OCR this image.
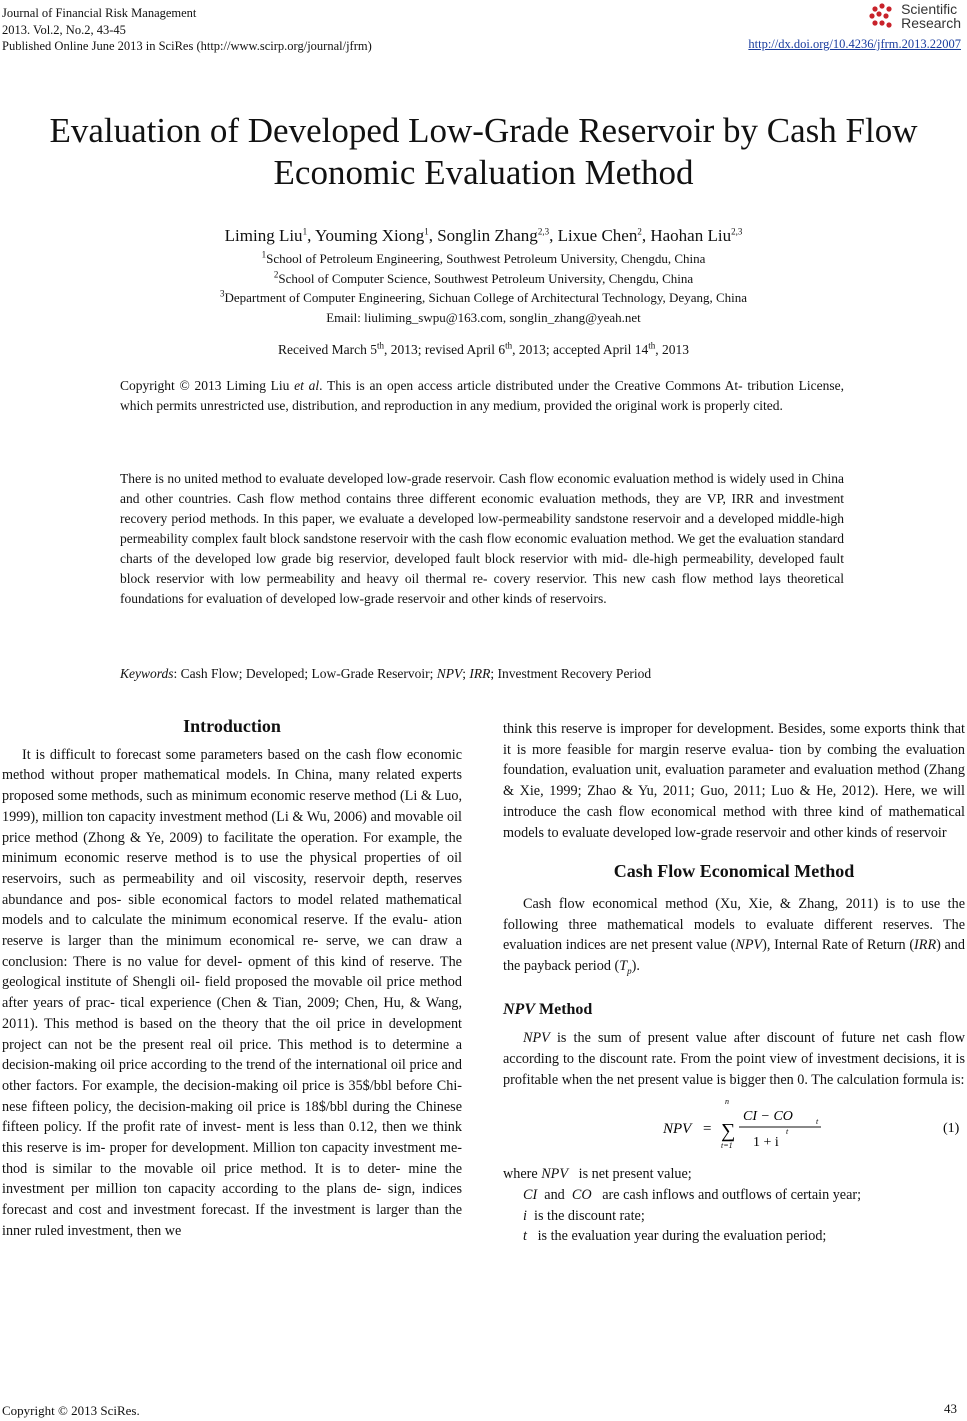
Journal of Financial Risk Management
2013. Vol.2, No.2, 43-45
Published Online June 2013 in SciRes (http://www.scirp.org/journal/jfrm)
Scientific
Research
http://dx.doi.org/10.4236/jfrm.2013.22007
Evaluation of Developed Low-Grade Reservoir by Cash Flow
Economic Evaluation Method
Liming Liu$^1$, Youming Xiong$^1$, Songlin Zhang$^{2,3}$, Lixue Chen$^2$, Haohan Liu$^{2,3}$
$^1$School of Petroleum Engineering, Southwest Petroleum University, Chengdu, China
$^2$School of Computer Science, Southwest Petroleum University, Chengdu, China
$^3$Department of Computer Engineering, Sichuan College of Architectural Technology, Deyang, China
Email: liuliming_swpu@163.com, songlin_zhang@yeah.net
Received March 5th, 2013; revised April 6th, 2013; accepted April 14th, 2013
Copyright © 2013 Liming Liu et al. This is an open access article distributed under the Creative Commons At- tribution License, which permits unrestricted use, distribution, and reproduction in any medium, provided the original work is properly cited.
There is no united method to evaluate developed low-grade reservoir. Cash flow economic evaluation method is widely used in China and other countries. Cash flow method contains three different economic evaluation methods, they are VP, IRR and investment recovery period methods. In this paper, we evaluate a developed low-permeability sandstone reservoir and a developed middle-high permeability complex fault block sandstone reservoir with the cash flow economic evaluation method. We get the evaluation standard charts of the developed low grade big reservior, developed fault block reservior with mid- dle-high permeability, developed fault block reservior with low permeability and heavy oil thermal re- covery reservior. This new cash flow method lays theoretical foundations for evaluation of developed low-grade reservoir and other kinds of reservoirs.
Keywords: Cash Flow; Developed; Low-Grade Reservoir; NPV; IRR; Investment Recovery Period
Introduction

It is difficult to forecast some parameters based on the cash flow economic method without proper mathematical models. In China, many related experts proposed some methods, such as minimum economic reserve method (Li & Luo, 1999), million ton capacity investment method (Li & Wu, 2006) and movable oil price method (Zhong & Ye, 2009) to facilitate the operation. For example, the minimum economic reserve method is to use the physical properties of oil reservoirs, such as permeability and oil viscosity, reservoir depth, reserves abundance and pos- sible economical factors to model related mathematical models and to calculate the minimum economical reserve. If the evalu- ation reserve is larger than the minimum economical re- serve, we can draw a conclusion: There is no value for devel- opment of this kind of reserve. The geological institute of Shengli oil- field proposed the movable oil price method after years of prac- tical experience (Chen & Tian, 2009; Chen, Hu, & Wang, 2011). This method is based on the theory that the oil price in development project can not be the present real oil price. This method is to determine a decision-making oil price according to the trend of the international oil price and other factors. For example, the decision-making oil price is 35$/bbl before Chi- nese fifteen policy, the decision-making oil price is 18$/bbl during the Chinese fifteen policy. If the profit rate of invest- ment is less than 0.12, then we think this reserve is im- proper for development. Million ton capacity investment me- thod is similar to the movable oil price method. It is to deter- mine the investment per million ton capacity according to the plans de- sign, indices forecast and cost and investment forecast. If the investment is larger than the inner ruled investment, then we

think this reserve is improper for development. Besides, some exports think that it is more feasible for margin reserve evalua- tion by combing the evaluation foundation, evaluation unit, evaluation parameter and evaluation method (Zhang & Xie, 1999; Zhao & Yu, 2011; Guo, 2011; Luo & He, 2012). Here, we will introduce the cash flow economical method with three kind of mathematical models to evaluate developed low-grade reservoir and other kinds of reservoir

Cash Flow Economical Method

Cash flow economical method (Xu, Xie, & Zhang, 2011) is to use the following three mathematical models to evaluate different reserves. The evaluation indices are net present value (NPV), Internal Rate of Return (IRR) and the payback period $(T_p)$.

NPV Method

NPV is the sum of present value after discount of future net cash flow according to the discount rate. From the point view of investment decisions, it is profitable when the net present value is bigger then 0. The calculation formula is:

NPV =
n
∑
t=1
CI − CO	t
1 + i
t	(1)
where NPV   is net present value;
CI  and  CO   are cash inflows and outflows of certain year;
i  is the discount rate;
t   is the evaluation year during the evaluation period;
Copyright © 2013 SciRes.	43
